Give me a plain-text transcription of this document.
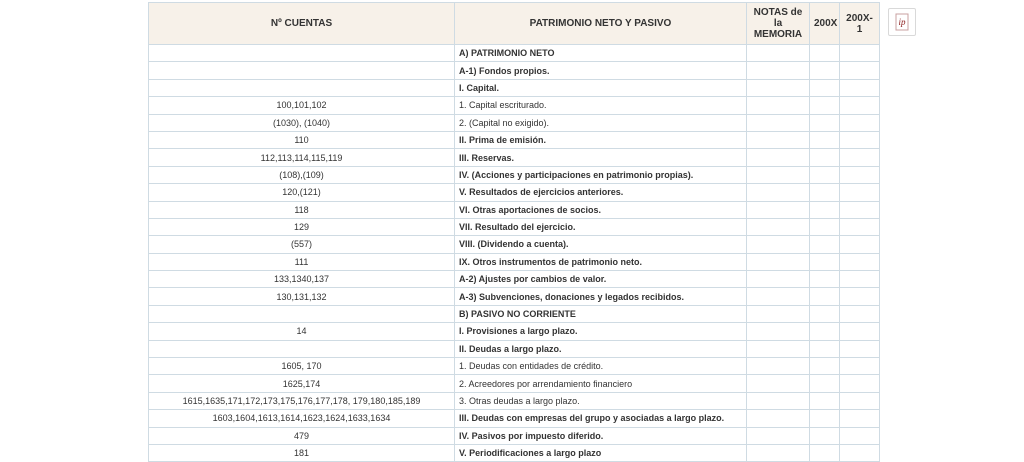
Nº CUENTAS	PATRIMONIO NETO Y PASIVO	NOTAS de la MEMORIA	200X	200X-1
	A) PATRIMONIO NETO			
	A-1) Fondos propios.			
	I. Capital.			
100,101,102	1. Capital escriturado.			
(1030), (1040)	2. (Capital no exigido).			
110	II. Prima de emisión.			
112,113,114,115,119	III. Reservas.			
(108),(109)	IV. (Acciones y participaciones en patrimonio propias).			
120,(121)	V. Resultados de ejercicios anteriores.			
118	VI. Otras aportaciones de socios.			
129	VII. Resultado del ejercicio.			
(557)	VIII. (Dividendo a cuenta).			
111	IX. Otros instrumentos de patrimonio neto.			
133,1340,137	A-2) Ajustes por cambios de valor.			
130,131,132	A-3) Subvenciones, donaciones y legados recibidos.			
	B) PASIVO NO CORRIENTE			
14	I. Provisiones a largo plazo.			
	II. Deudas a largo plazo.			
1605, 170	1. Deudas con entidades de crédito.			
1625,174	2. Acreedores por arrendamiento financiero			
1615,1635,171,172,173,175,176,177,178, 179,180,185,189	3. Otras deudas a largo plazo.			
1603,1604,1613,1614,1623,1624,1633,1634	III. Deudas con empresas del grupo y asociadas a largo plazo.			
479	IV. Pasivos por impuesto diferido.			
181	V. Periodificaciones a largo plazo			
ip
